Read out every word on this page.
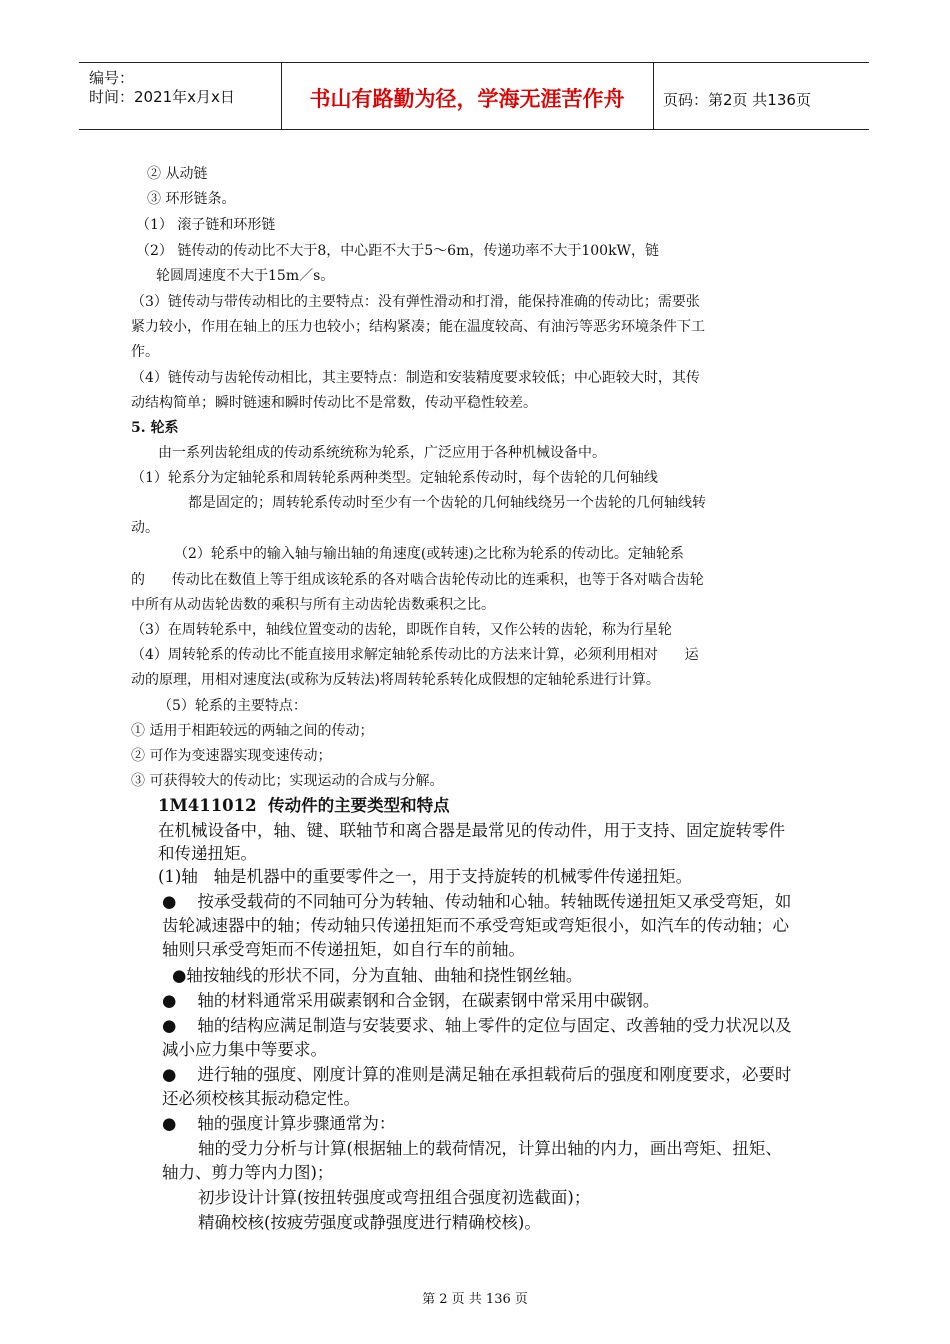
编号：
时间：2021年x月x日	书山有路勤为径，学海无涯苦作舟	页码：第2页 共136页
② 从动链
③ 环形链条。
（1） 滚子链和环形链
（2） 链传动的传动比不大于8，中心距不大于5～6m，传递功率不大于100kW，链
轮圆周速度不大于15m／s。
（3）链传动与带传动相比的主要特点：没有弹性滑动和打滑，能保持准确的传动比；需要张
紧力较小，作用在轴上的压力也较小；结构紧凑；能在温度较高、有油污等恶劣环境条件下工
作。
（4）链传动与齿轮传动相比，其主要特点：制造和安装精度要求较低；中心距较大时，其传
动结构简单；瞬时链速和瞬时传动比不是常数，传动平稳性较差。
5. 轮系
由一系列齿轮组成的传动系统统称为轮系，广泛应用于各种机械设备中。
（1）轮系分为定轴轮系和周转轮系两种类型。定轴轮系传动时，每个齿轮的几何轴线
都是固定的；周转轮系传动时至少有一个齿轮的几何轴线绕另一个齿轮的几何轴线转
动。
（2）轮系中的输入轴与输出轴的角速度(或转速)之比称为轮系的传动比。定轴轮系
的      传动比在数值上等于组成该轮系的各对啮合齿轮传动比的连乘积，也等于各对啮合齿轮
中所有从动齿轮齿数的乘积与所有主动齿轮齿数乘积之比。
（3）在周转轮系中，轴线位置变动的齿轮，即既作自转，又作公转的齿轮，称为行星轮
（4）周转轮系的传动比不能直接用求解定轴轮系传动比的方法来计算，必须利用相对      运
动的原理，用相对速度法(或称为反转法)将周转轮系转化成假想的定轴轮系进行计算。
（5）轮系的主要特点：
① 适用于相距较远的两轴之间的传动；
② 可作为变速器实现变速传动；
③ 可获得较大的传动比；实现运动的合成与分解。
1M411012  传动件的主要类型和特点
在机械设备中，轴、键、联轴节和离合器是最常见的传动件，用于支持、固定旋转零件
和传递扭矩。
(1)轴   轴是机器中的重要零件之一，用于支持旋转的机械零件传递扭矩。
●    按承受载荷的不同轴可分为转轴、传动轴和心轴。转轴既传递扭矩又承受弯矩，如
齿轮减速器中的轴；传动轴只传递扭矩而不承受弯矩或弯矩很小，如汽车的传动轴；心
轴则只承受弯矩而不传递扭矩，如自行车的前轴。
●轴按轴线的形状不同，分为直轴、曲轴和挠性钢丝轴。
●    轴的材料通常采用碳素钢和合金钢，在碳素钢中常采用中碳钢。
●    轴的结构应满足制造与安装要求、轴上零件的定位与固定、改善轴的受力状况以及
减小应力集中等要求。
●    进行轴的强度、刚度计算的准则是满足轴在承担载荷后的强度和刚度要求，必要时
还必须校核其振动稳定性。
●    轴的强度计算步骤通常为：
轴的受力分析与计算(根据轴上的载荷情况，计算出轴的内力，画出弯矩、扭矩、
轴力、剪力等内力图)；
初步设计计算(按扭转强度或弯扭组合强度初选截面)；
精确校核(按疲劳强度或静强度进行精确校核)。
第 2 页 共 136 页
